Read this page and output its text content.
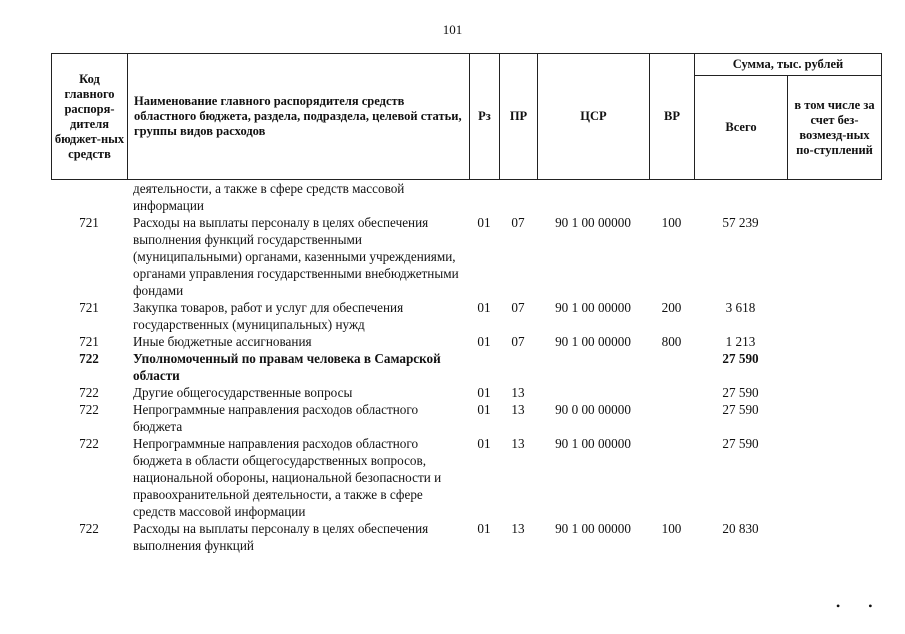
101
Код главного распоря-дителя бюджет-ных средств	Наименование главного распорядителя средств областного бюджета, раздела, подраздела, целевой статьи, группы видов расходов	Рз	ПР	ЦСР	ВР	Сумма, тыс. рублей	
						Всего	в том числе за счет без-возмезд-ных по-ступлений
	деятельности, а также в сфере средств массовой информации						
721	Расходы на выплаты персоналу в целях обеспечения выполнения функций государственными (муниципальными) органами, казенными учреждениями, органами управления государственными внебюджетными фондами	01	07	90 1 00 00000	100	57 239	
721	Закупка товаров, работ и услуг для обеспечения государственных (муниципальных) нужд	01	07	90 1 00 00000	200	3 618	
721	Иные бюджетные ассигнования	01	07	90 1 00 00000	800	1 213	
722	Уполномоченный по правам человека в Самарской области					27 590	
722	Другие общегосударственные вопросы	01	13			27 590	
722	Непрограммные направления расходов областного бюджета	01	13	90 0 00 00000		27 590	
722	Непрограммные направления расходов областного бюджета в области общегосударственных вопросов, национальной обороны, национальной безопасности и правоохранительной деятельности, а также в сфере средств массовой информации	01	13	90 1 00 00000		27 590	
722	Расходы на выплаты персоналу в целях обеспечения выполнения функций	01	13	90 1 00 00000	100	20 830	
••
